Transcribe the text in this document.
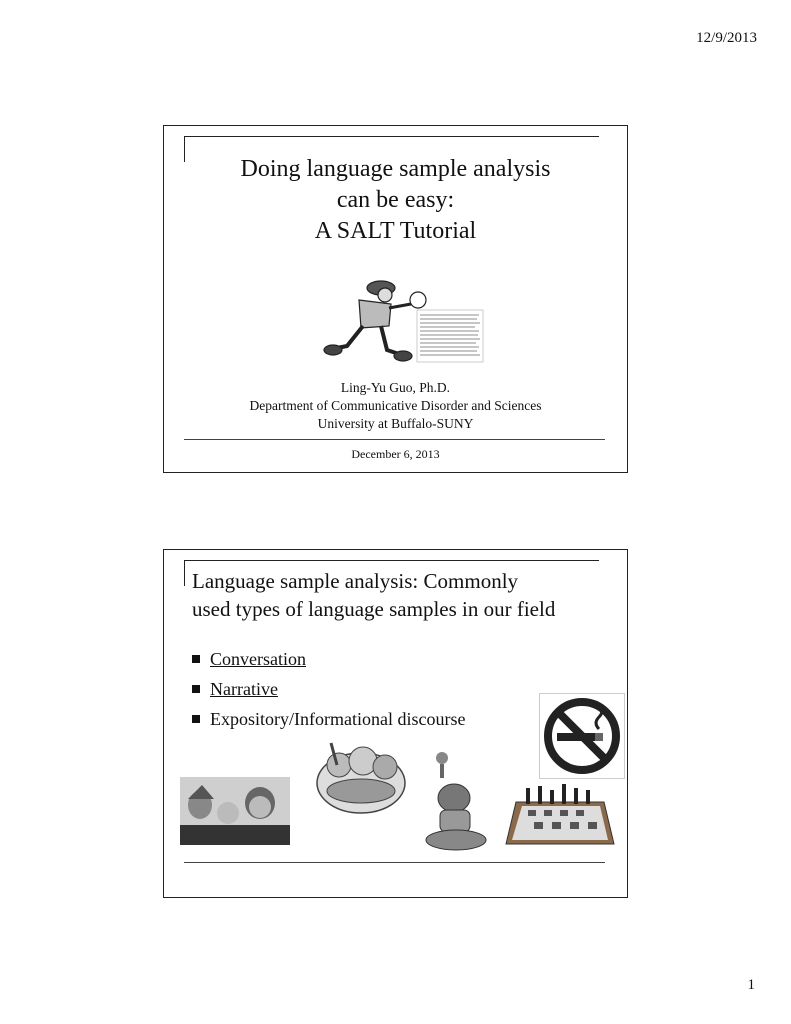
12/9/2013
Doing language sample analysis
can be easy:
A SALT Tutorial
Ling-Yu Guo, Ph.D.
Department of Communicative Disorder and Sciences
University at Buffalo-SUNY
December 6, 2013
Language sample analysis: Commonly
used types of language samples in our field
Conversation
Narrative
Expository/Informational discourse
1
